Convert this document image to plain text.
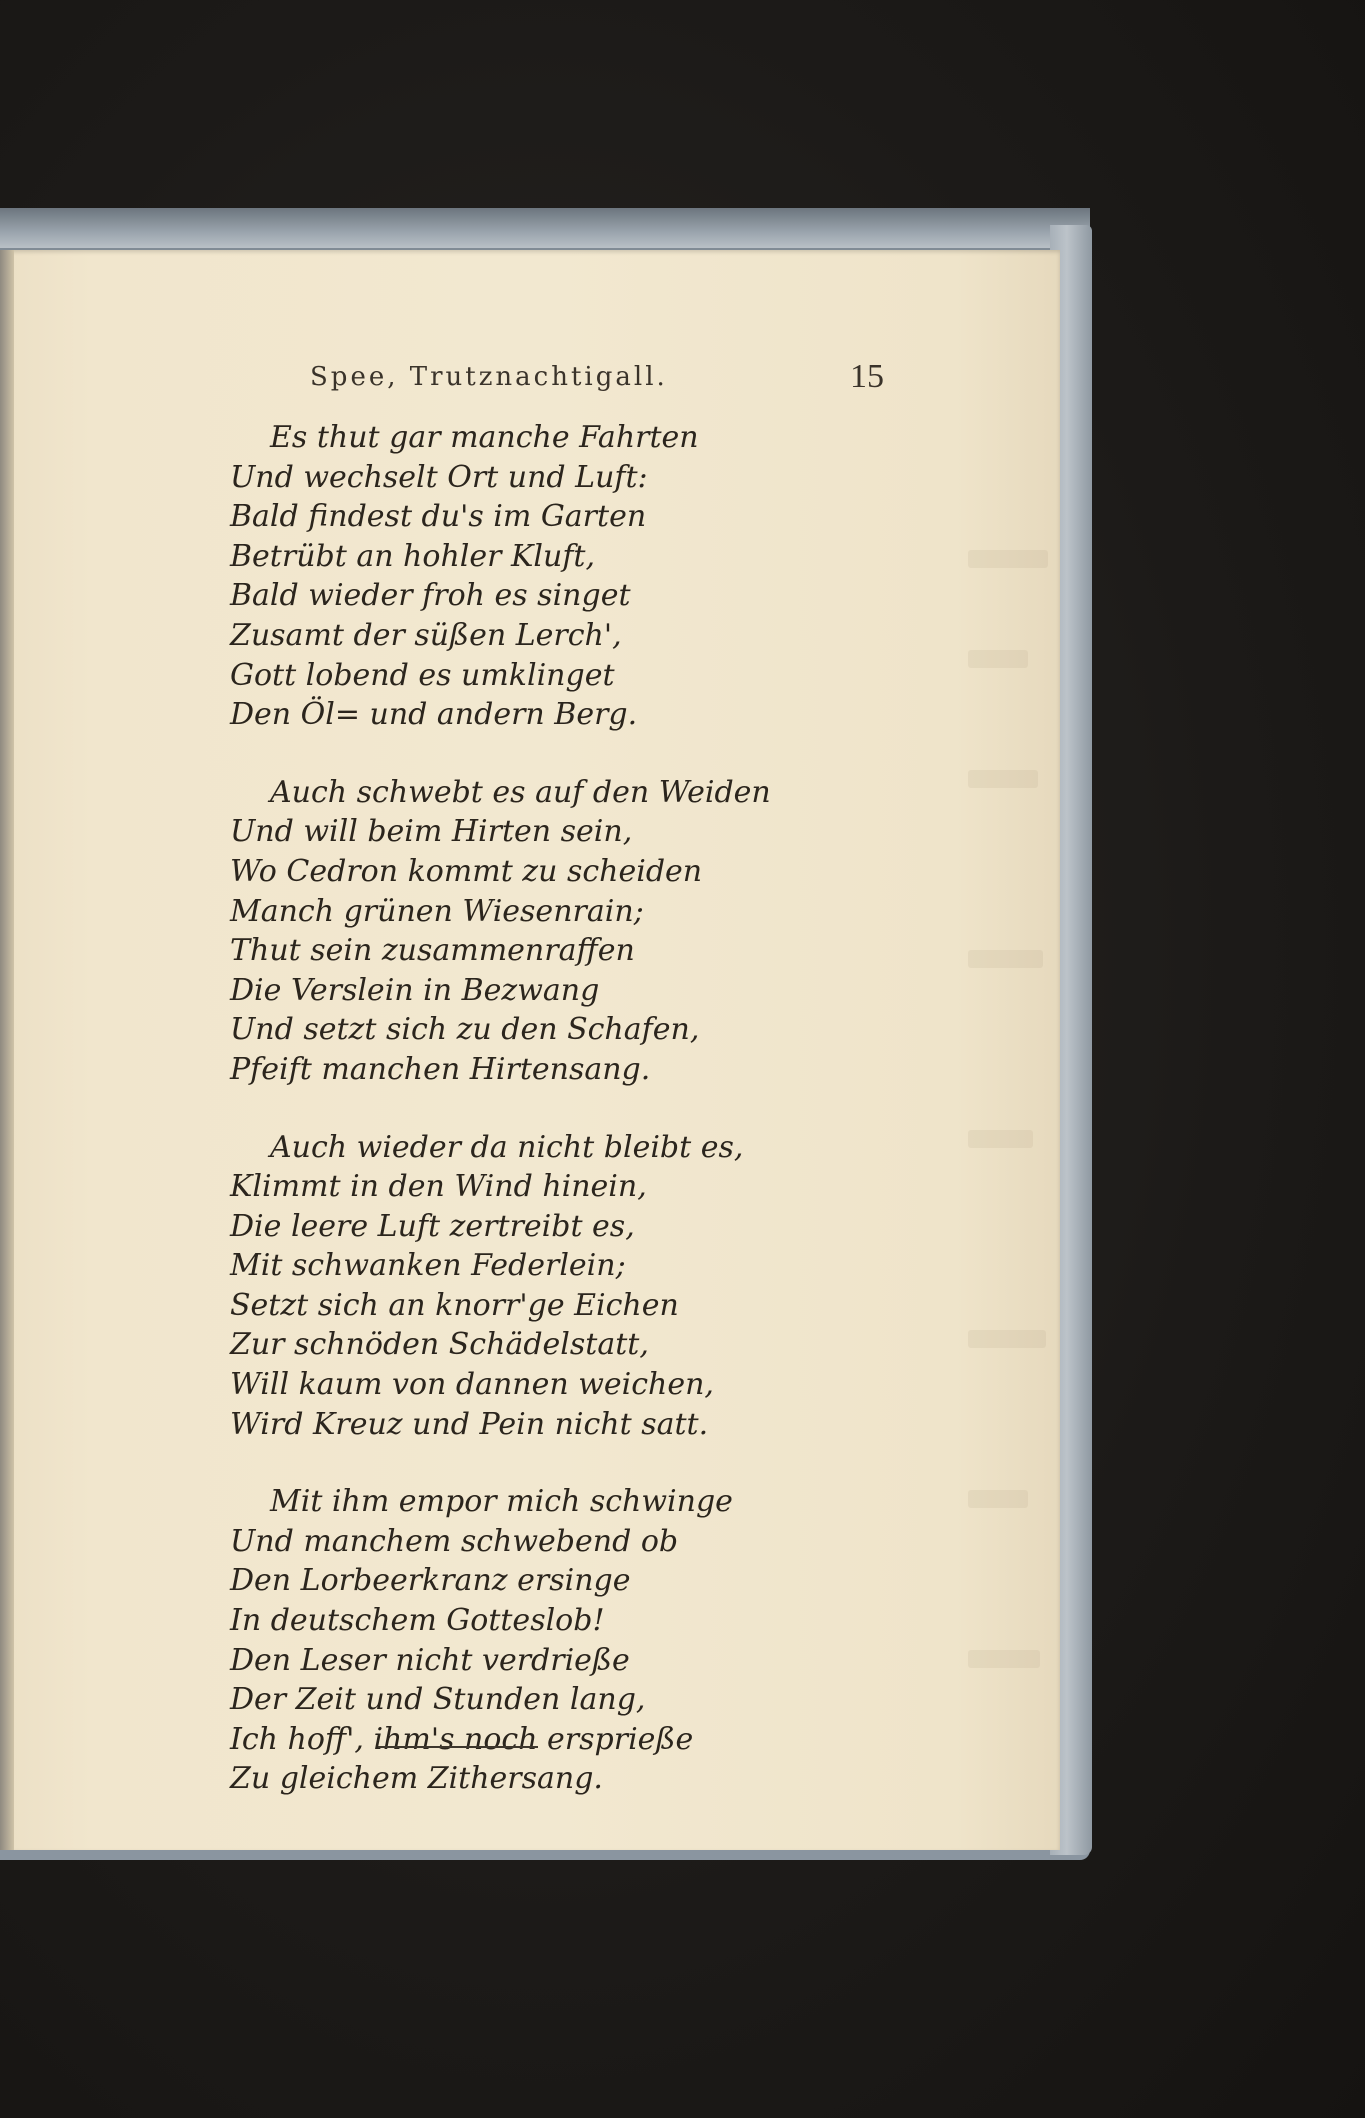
Spee, Trutznachtigall.	15
Es thut gar manche Fahrten
Und wechselt Ort und Luft:
Bald findest du's im Garten
Betrübt an hohler Kluft,
Bald wieder froh es singet
Zusamt der süßen Lerch',
Gott lobend es umklinget
Den Öl= und andern Berg.
Auch schwebt es auf den Weiden
Und will beim Hirten sein,
Wo Cedron kommt zu scheiden
Manch grünen Wiesenrain;
Thut sein zusammenraffen
Die Verslein in Bezwang
Und setzt sich zu den Schafen,
Pfeift manchen Hirtensang.
Auch wieder da nicht bleibt es,
Klimmt in den Wind hinein,
Die leere Luft zertreibt es,
Mit schwanken Federlein;
Setzt sich an knorr'ge Eichen
Zur schnöden Schädelstatt,
Will kaum von dannen weichen,
Wird Kreuz und Pein nicht satt.
Mit ihm empor mich schwinge
Und manchem schwebend ob
Den Lorbeerkranz ersinge
In deutschem Gotteslob!
Den Leser nicht verdrieße
Der Zeit und Stunden lang,
Ich hoff', ihm's noch ersprieße
Zu gleichem Zithersang.
